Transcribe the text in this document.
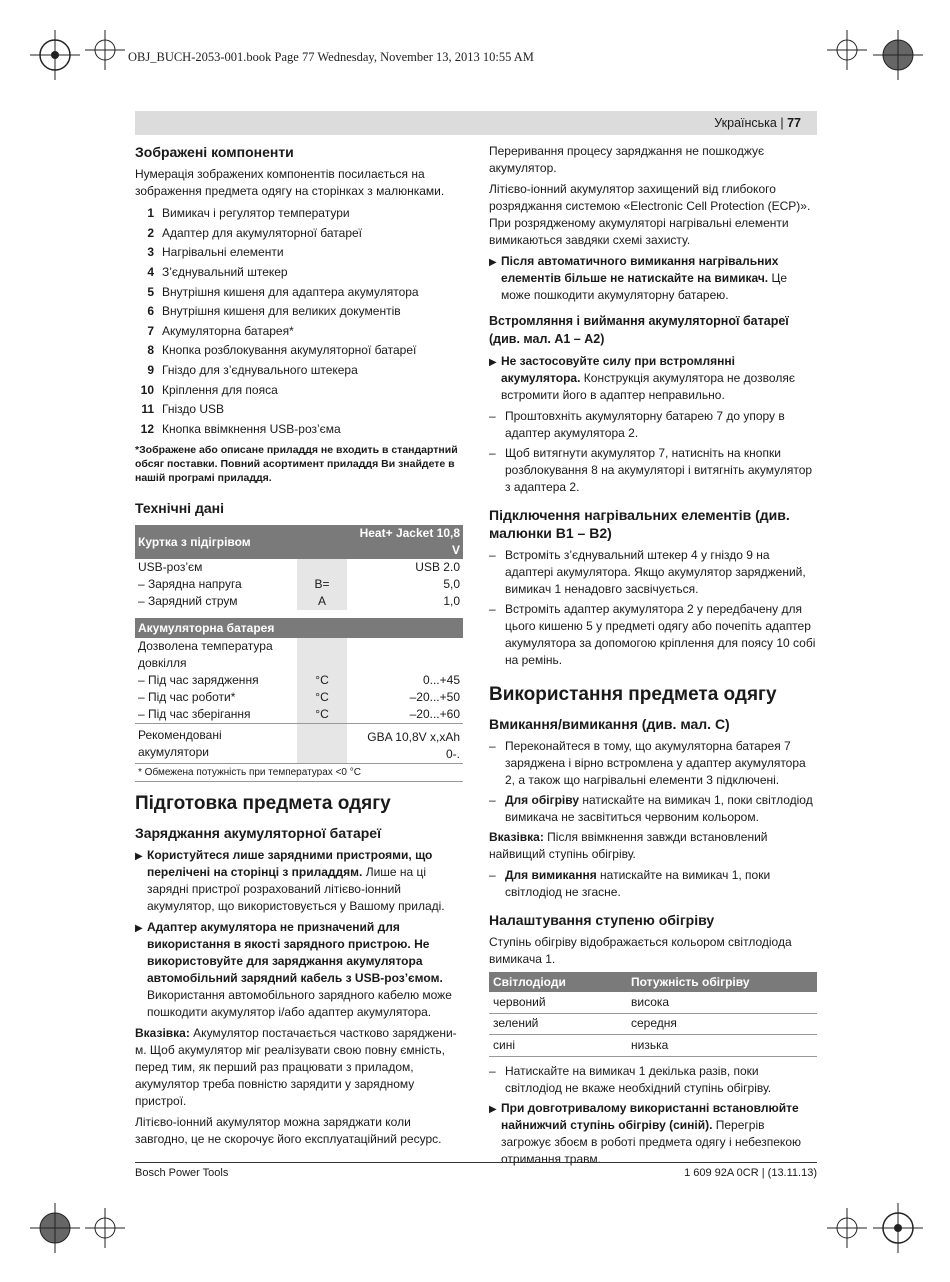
OBJ_BUCH-2053-001.book Page 77 Wednesday, November 13, 2013 10:55 AM
Українська | 77
Зображені компоненти

Нумерація зображених компонентів посилається на зображення предмета одягу на сторінках з малюнками.

1 Вимикач і регулятор температури
2 Адаптер для акумуляторної батареї
3 Нагрівальні елементи
4 З’єднувальний штекер
5 Внутрішня кишеня для адаптера акумулятора
6 Внутрішня кишеня для великих документів
7 Акумуляторна батарея*
8 Кнопка розблокування акумуляторної батареї
9 Гніздо для з’єднувального штекера
10 Кріплення для пояса
11 Гніздо USB
12 Кнопка ввімкнення USB-роз’єма
*Зображене або описане приладдя не входить в стандартний обсяг поставки. Повний асортимент приладдя Ви знайдете в нашій програмі приладдя.
Технічні дані
Куртка з підігрівом		Heat+ Jacket 10,8 V
USB-роз’єм		USB 2.0
– Зарядна напруга	В=	5,0
– Зарядний струм	А	1,0

Акумуляторна батарея		
Дозволена температура довкілля		
– Під час зарядження	°C	0...+45
– Під час роботи*	°C	–20...+50
– Під час зберігання	°C	–20...+60
Рекомендовані акумулятори		GBA 10,8V x,xAh 0-.
* Обмежена потужність при температурах <0 °C		
Підготовка предмета одягу
Заряджання акумуляторної батареї
▶ Користуйтеся лише зарядними пристроями, що перелічені на сторінці з приладдям. Лише на ці зарядні пристрої розрахований літієво-іонний акумулятор, що використовується у Вашому приладі.
▶ Адаптер акумулятора не призначений для використання в якості зарядного пристрою. Не використовуйте для заряджання акумулятора автомобільний зарядний кабель з USB-роз’ємом. Використання автомобільного зарядного кабелю може пошкодити акумулятор і/або адаптер акумулятора.

Вказівка: Акумулятор постачається частково зарядженим. Щоб акумулятор міг реалізувати свою повну ємність, перед тим, як перший раз працювати з приладом, акумулятор треба повністю зарядити у зарядному пристрої.

Літієво-іонний акумулятор можна заряджати коли завгодно, це не скорочує його експлуатаційний ресурс.

Переривання процесу заряджання не пошкоджує акумулятор.

Літієво-іонний акумулятор захищений від глибокого розряджання системою «Electronic Cell Protection (ECP)». При розрядженому акумуляторі нагрівальні елементи вимикаються завдяки схемі захисту.

▶ Після автоматичного вимикання нагрівальних елементів більше не натискайте на вимикач. Це може пошкодити акумуляторну батарею.
Встромляння і виймання акумуляторної батареї (див. мал. А1 – А2)
▶ Не застосовуйте силу при встромлянні акумулятора. Конструкція акумулятора не дозволяє встромити його в адаптер неправильно.
– Проштовхніть акумуляторну батарею 7 до упору в адаптер акумулятора 2.
– Щоб витягнути акумулятор 7, натисніть на кнопки розблокування 8 на акумуляторі і витягніть акумулятор з адаптера 2.
Підключення нагрівальних елементів (див. малюнки В1 – В2)
– Встроміть з’єднувальний штекер 4 у гніздо 9 на адаптері акумулятора. Якщо акумулятор заряджений, вимикач 1 ненадовго засвічується.
– Встроміть адаптер акумулятора 2 у передбачену для цього кишеню 5 у предметі одягу або почепіть адаптер акумулятора за допомогою кріплення для поясу 10 собі на ремінь.
Використання предмета одягу
Вмикання/вимикання (див. мал. C)
– Переконайтеся в тому, що акумуляторна батарея 7 заряджена і вірно встромлена у адаптер акумулятора 2, а також що нагрівальні елементи 3 підключені.
– Для обігріву натискайте на вимикач 1, поки світлодіод вимикача не засвітиться червоним кольором.

Вказівка: Після ввімкнення завжди встановлений найвищий ступінь обігріву.

– Для вимикання натискайте на вимикач 1, поки світлодіод не згасне.
Налаштування ступеню обігріву

Ступінь обігріву відображається кольором світлодіода вимикача 1.

Світлодіоди	Потужність обігріву
червоний	висока
зелений	середня
сині	низька
– Натискайте на вимикач 1 декілька разів, поки світлодіод не вкаже необхідний ступінь обігріву.
▶ При довготривалому використанні встановлюйте найнижчий ступінь обігріву (синій). Перегрів загрожує збоєм в роботі предмета одягу і небезпекою отримання травм.
Bosch Power Tools	1 609 92A 0CR | (13.11.13)
